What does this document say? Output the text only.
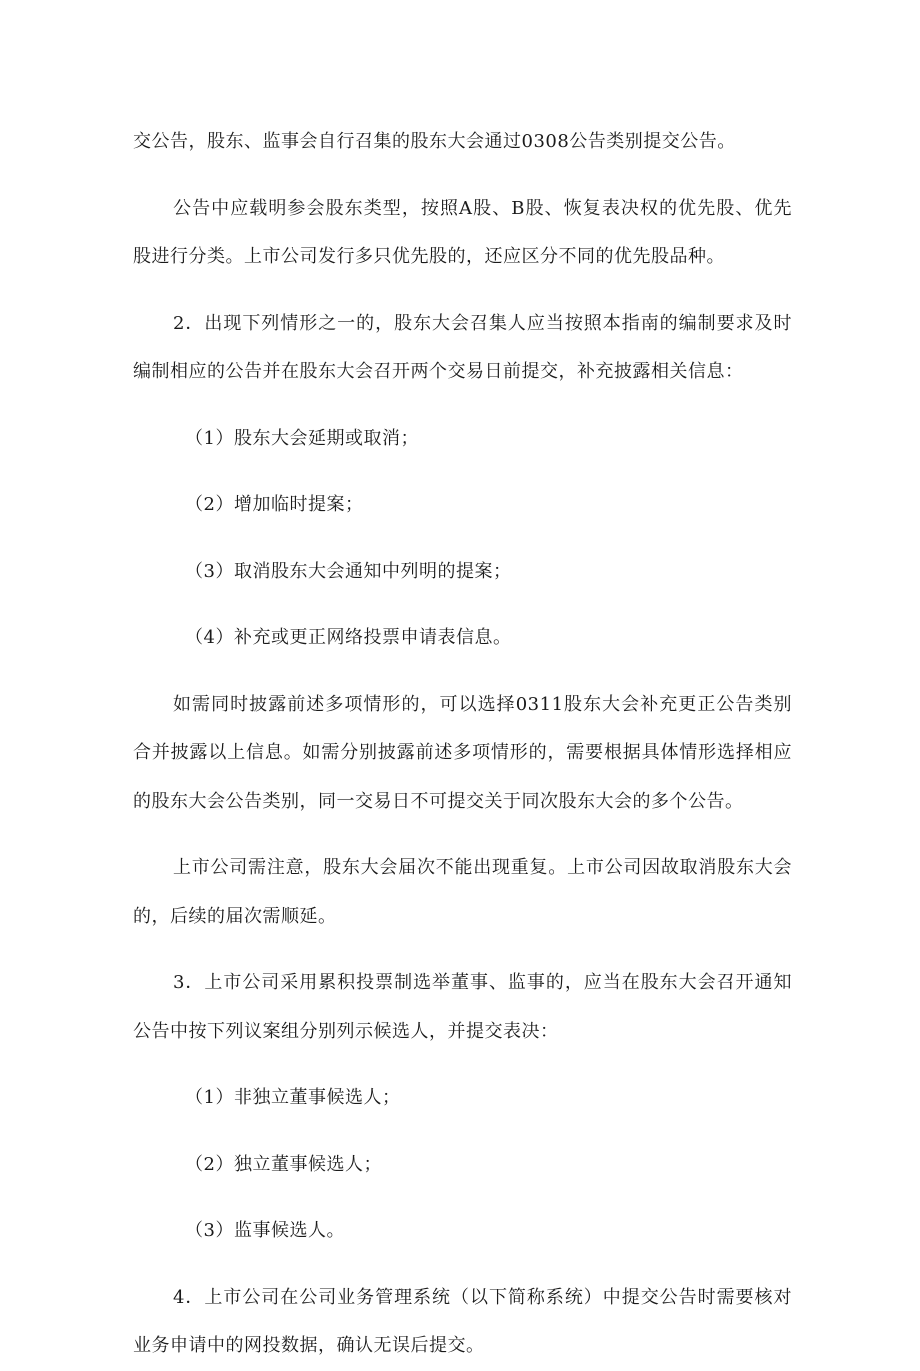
交公告，股东、监事会自行召集的股东大会通过0308公告类别提交公告。

公告中应载明参会股东类型，按照A股、B股、恢复表决权的优先股、优先股进行分类。上市公司发行多只优先股的，还应区分不同的优先股品种。

2．出现下列情形之一的，股东大会召集人应当按照本指南的编制要求及时编制相应的公告并在股东大会召开两个交易日前提交，补充披露相关信息：

（1）股东大会延期或取消；

（2）增加临时提案；

（3）取消股东大会通知中列明的提案；

（4）补充或更正网络投票申请表信息。

如需同时披露前述多项情形的，可以选择0311股东大会补充更正公告类别合并披露以上信息。如需分别披露前述多项情形的，需要根据具体情形选择相应的股东大会公告类别，同一交易日不可提交关于同次股东大会的多个公告。

上市公司需注意，股东大会届次不能出现重复。上市公司因故取消股东大会的，后续的届次需顺延。

3．上市公司采用累积投票制选举董事、监事的，应当在股东大会召开通知公告中按下列议案组分别列示候选人，并提交表决：

（1）非独立董事候选人；

（2）独立董事候选人；

（3）监事候选人。

4．上市公司在公司业务管理系统（以下简称系统）中提交公告时需要核对业务申请中的网投数据，确认无误后提交。
